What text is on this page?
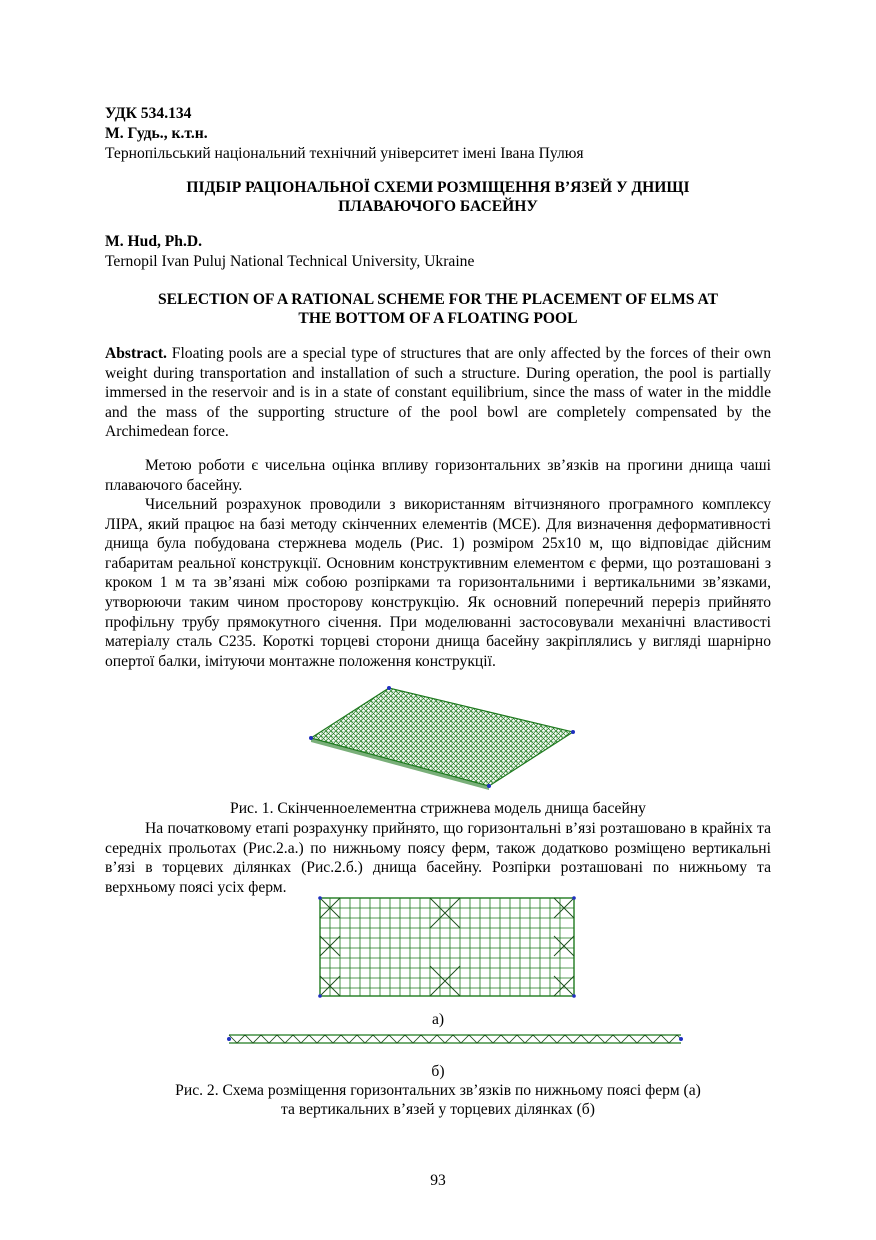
УДК 534.134
М. Гудь., к.т.н.
Тернопільський національний технічний університет імені Івана Пулюя
ПІДБІР РАЦІОНАЛЬНОЇ СХЕМИ РОЗМІЩЕННЯ В’ЯЗЕЙ У ДНИЩІ
ПЛАВАЮЧОГО БАСЕЙНУ
M. Hud, Ph.D.
Ternopil Ivan Puluj National Technical University, Ukraine
SELECTION OF A RATIONAL SCHEME FOR THE PLACEMENT OF ELMS AT
THE BOTTOM OF A FLOATING POOL

Abstract. Floating pools are a special type of structures that are only affected by the forces of their own weight during transportation and installation of such a structure. During operation, the pool is partially immersed in the reservoir and is in a state of constant equilibrium, since the mass of water in the middle and the mass of the supporting structure of the pool bowl are completely compensated by the Archimedean force.

Метою роботи є чисельна оцінка впливу горизонтальних зв’язків на прогини днища чаші плаваючого басейну.

Чисельний розрахунок проводили з використанням вітчизняного програмного комплексу ЛІРА, який працює на базі методу скінченних елементів (МСЕ). Для визначення деформативності днища була побудована стержнева модель (Рис. 1) розміром 25х10 м, що відповідає дійсним габаритам реальної конструкції. Основним конструктивним елементом є ферми, що розташовані з кроком 1 м та зв’язані між собою розпірками та горизонтальними і вертикальними зв’язками, утворюючи таким чином просторову конструкцію. Як основний поперечний переріз прийнято профільну трубу прямокутного січення. При моделюванні застосовували механічні властивості матеріалу сталь С235. Короткі торцеві сторони днища басейну закріплялись у вигляді шарнірно опертої балки, імітуючи монтажне положення конструкції.

Рис. 1. Скінченноелементна стрижнева модель днища басейну

На початковому етапі розрахунку прийнято, що горизонтальні в’язі розташовано в крайніх та середніх прольотах (Рис.2.а.) по нижньому поясу ферм, також додатково розміщено вертикальні в’язі в торцевих ділянках (Рис.2.б.) днища басейну. Розпірки розташовані по нижньому та верхньому поясі усіх ферм.

а)
б)
Рис. 2. Схема розміщення горизонтальних зв’язків по нижньому поясі ферм (а)
та вертикальних в’язей у торцевих ділянках (б)
93
